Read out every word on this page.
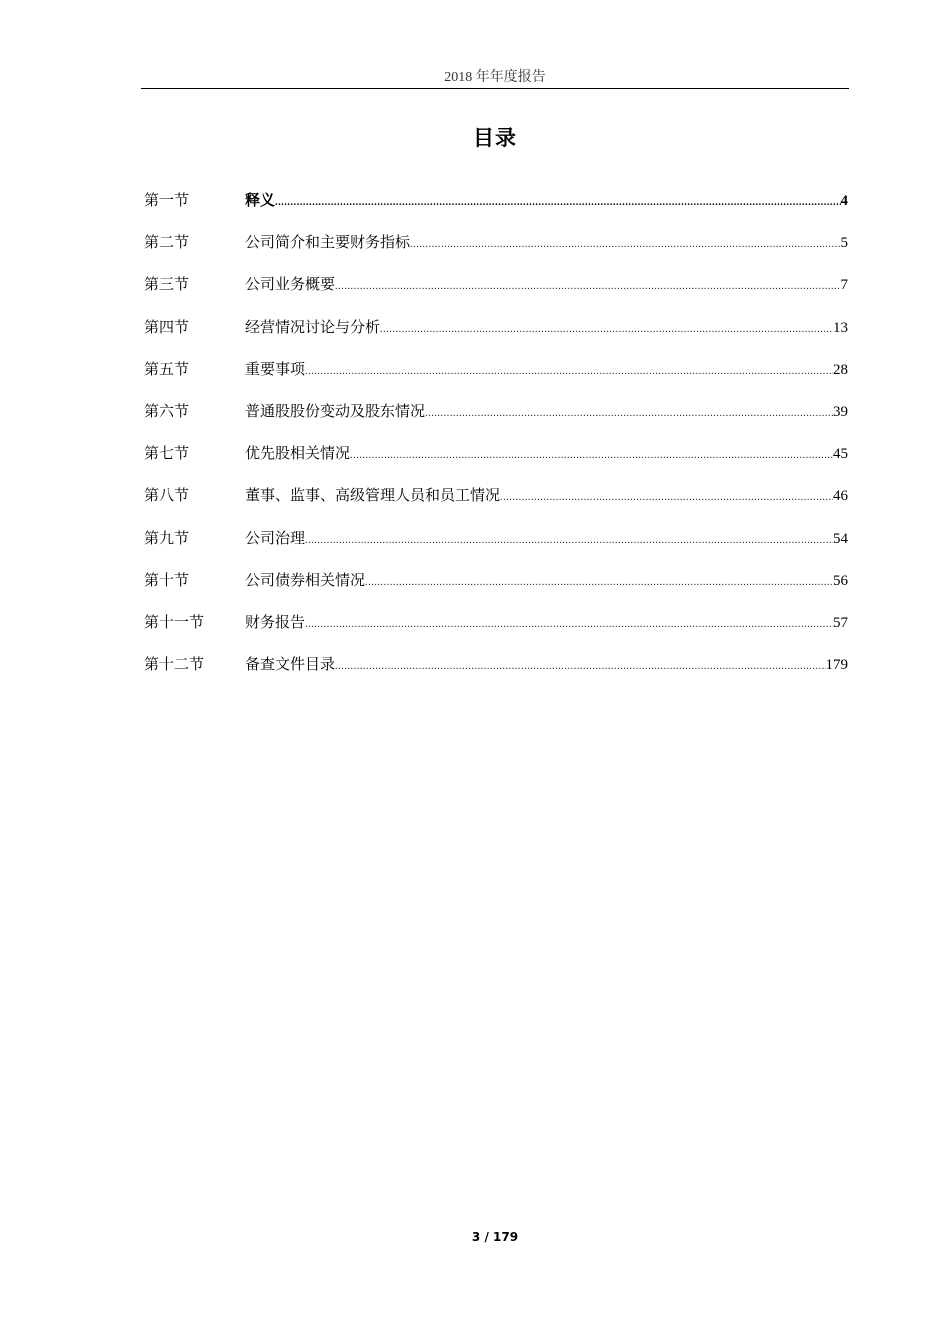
2018 年年度报告
目录
第一节	释义 .....	4
第二节	公司简介和主要财务指标 .....	5
第三节	公司业务概要 .....	7
第四节	经营情况讨论与分析 .....	13
第五节	重要事项 .....	28
第六节	普通股股份变动及股东情况 .....	39
第七节	优先股相关情况 .....	45
第八节	董事、监事、高级管理人员和员工情况 .....	46
第九节	公司治理 .....	54
第十节	公司债券相关情况 .....	56
第十一节	财务报告 .....	57
第十二节	备查文件目录 .....	179
3 / 179
